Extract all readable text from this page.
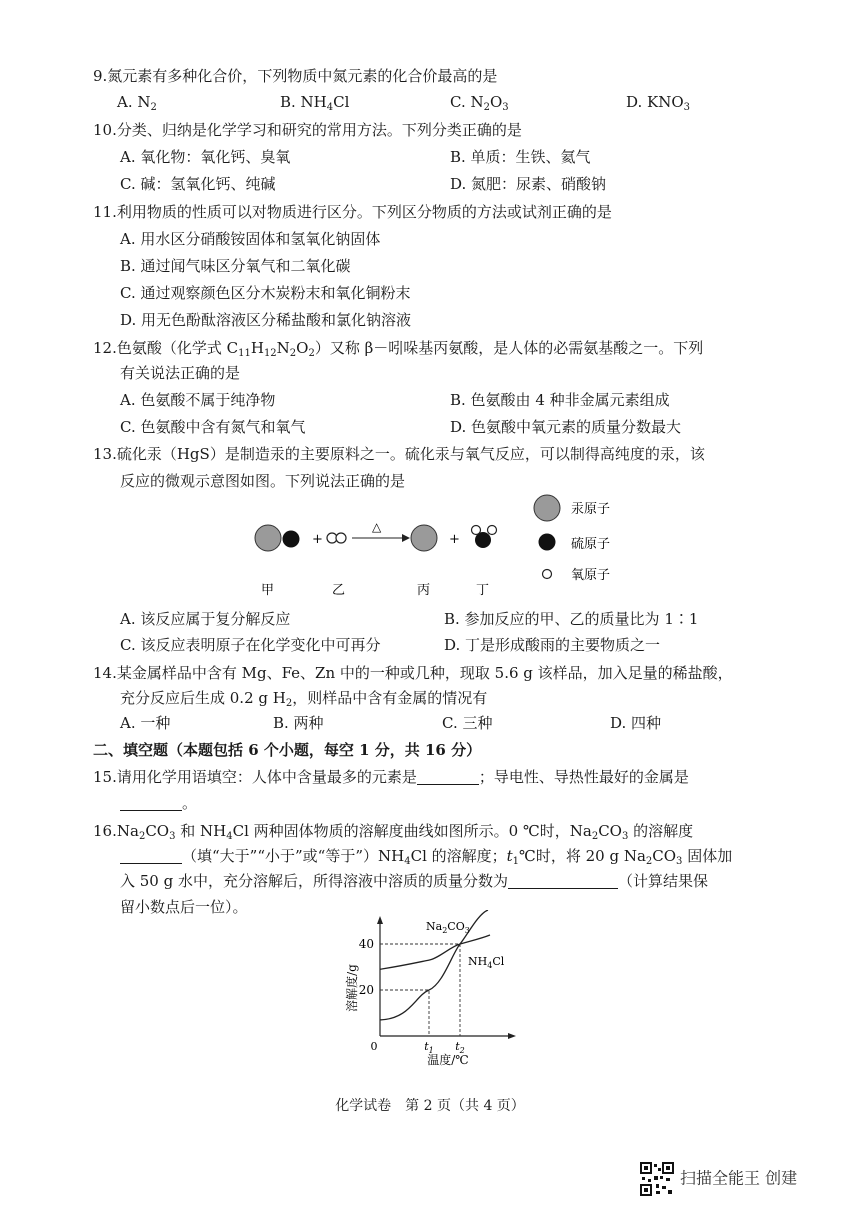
9.氮元素有多种化合价，下列物质中氮元素的化合价最高的是
A. $N_2$	B. $NH_4Cl$	C. $N_2O_3$	D. $KNO_3$
10.分类、归纳是化学学习和研究的常用方法。下列分类正确的是
A. 氧化物：氧化钙、臭氧	B. 单质：生铁、氦气
C. 碱：氢氧化钙、纯碱	D. 氮肥：尿素、硝酸钠
11.利用物质的性质可以对物质进行区分。下列区分物质的方法或试剂正确的是
A. 用水区分硝酸铵固体和氢氧化钠固体
B. 通过闻气味区分氧气和二氧化碳
C. 通过观察颜色区分木炭粉末和氧化铜粉末
D. 用无色酚酞溶液区分稀盐酸和氯化钠溶液
12.色氨酸（化学式 $C_{11}H_{12}N_2O_2$）又称 β－吲哚基丙氨酸，是人体的必需氨基酸之一。下列
有关说法正确的是
A. 色氨酸不属于纯净物	B. 色氨酸由 4 种非金属元素组成
C. 色氨酸中含有氮气和氧气	D. 色氨酸中氧元素的质量分数最大
13.硫化汞（HgS）是制造汞的主要原料之一。硫化汞与氧气反应，可以制得高纯度的汞，该
反应的微观示意图如图。下列说法正确的是
+
△
+
甲	乙	丙	丁
汞原子
硫原子
氧原子
A. 该反应属于复分解反应	B. 参加反应的甲、乙的质量比为 1∶1
C. 该反应表明原子在化学变化中可再分	D. 丁是形成酸雨的主要物质之一
14.某金属样品中含有 Mg、Fe、Zn 中的一种或几种，现取 5.6 g 该样品，加入足量的稀盐酸，
充分反应后生成 0.2 g $H_2$，则样品中含有金属的情况有
A. 一种	B. 两种	C. 三种	D. 四种
二、填空题（本题包括 6 个小题，每空 1 分，共 16 分）
15.请用化学用语填空：人体中含量最多的元素是	；导电性、导热性最好的金属是
。
$16.Na_2CO_3$ 和 $NH_4Cl$ 两种固体物质的溶解度曲线如图所示。0 ℃时，$Na_2CO_3$ 的溶解度
（填“大于”“小于”或“等于$”)NH_4Cl$ 的溶解度；$t_1℃$时，将 20 g $Na_2CO_3$ 固体加
入 50 g 水中，充分溶解后，所得溶液中溶质的质量分数为	（计算结果保
留小数点后一位）。
20
40
0	$t_1$ $t_2$
$Na_2CO_3$
$NH_4Cl$
溶解度/g
温度/℃
化学试卷　第 2 页（共 4 页）
扫描全能王 创建
